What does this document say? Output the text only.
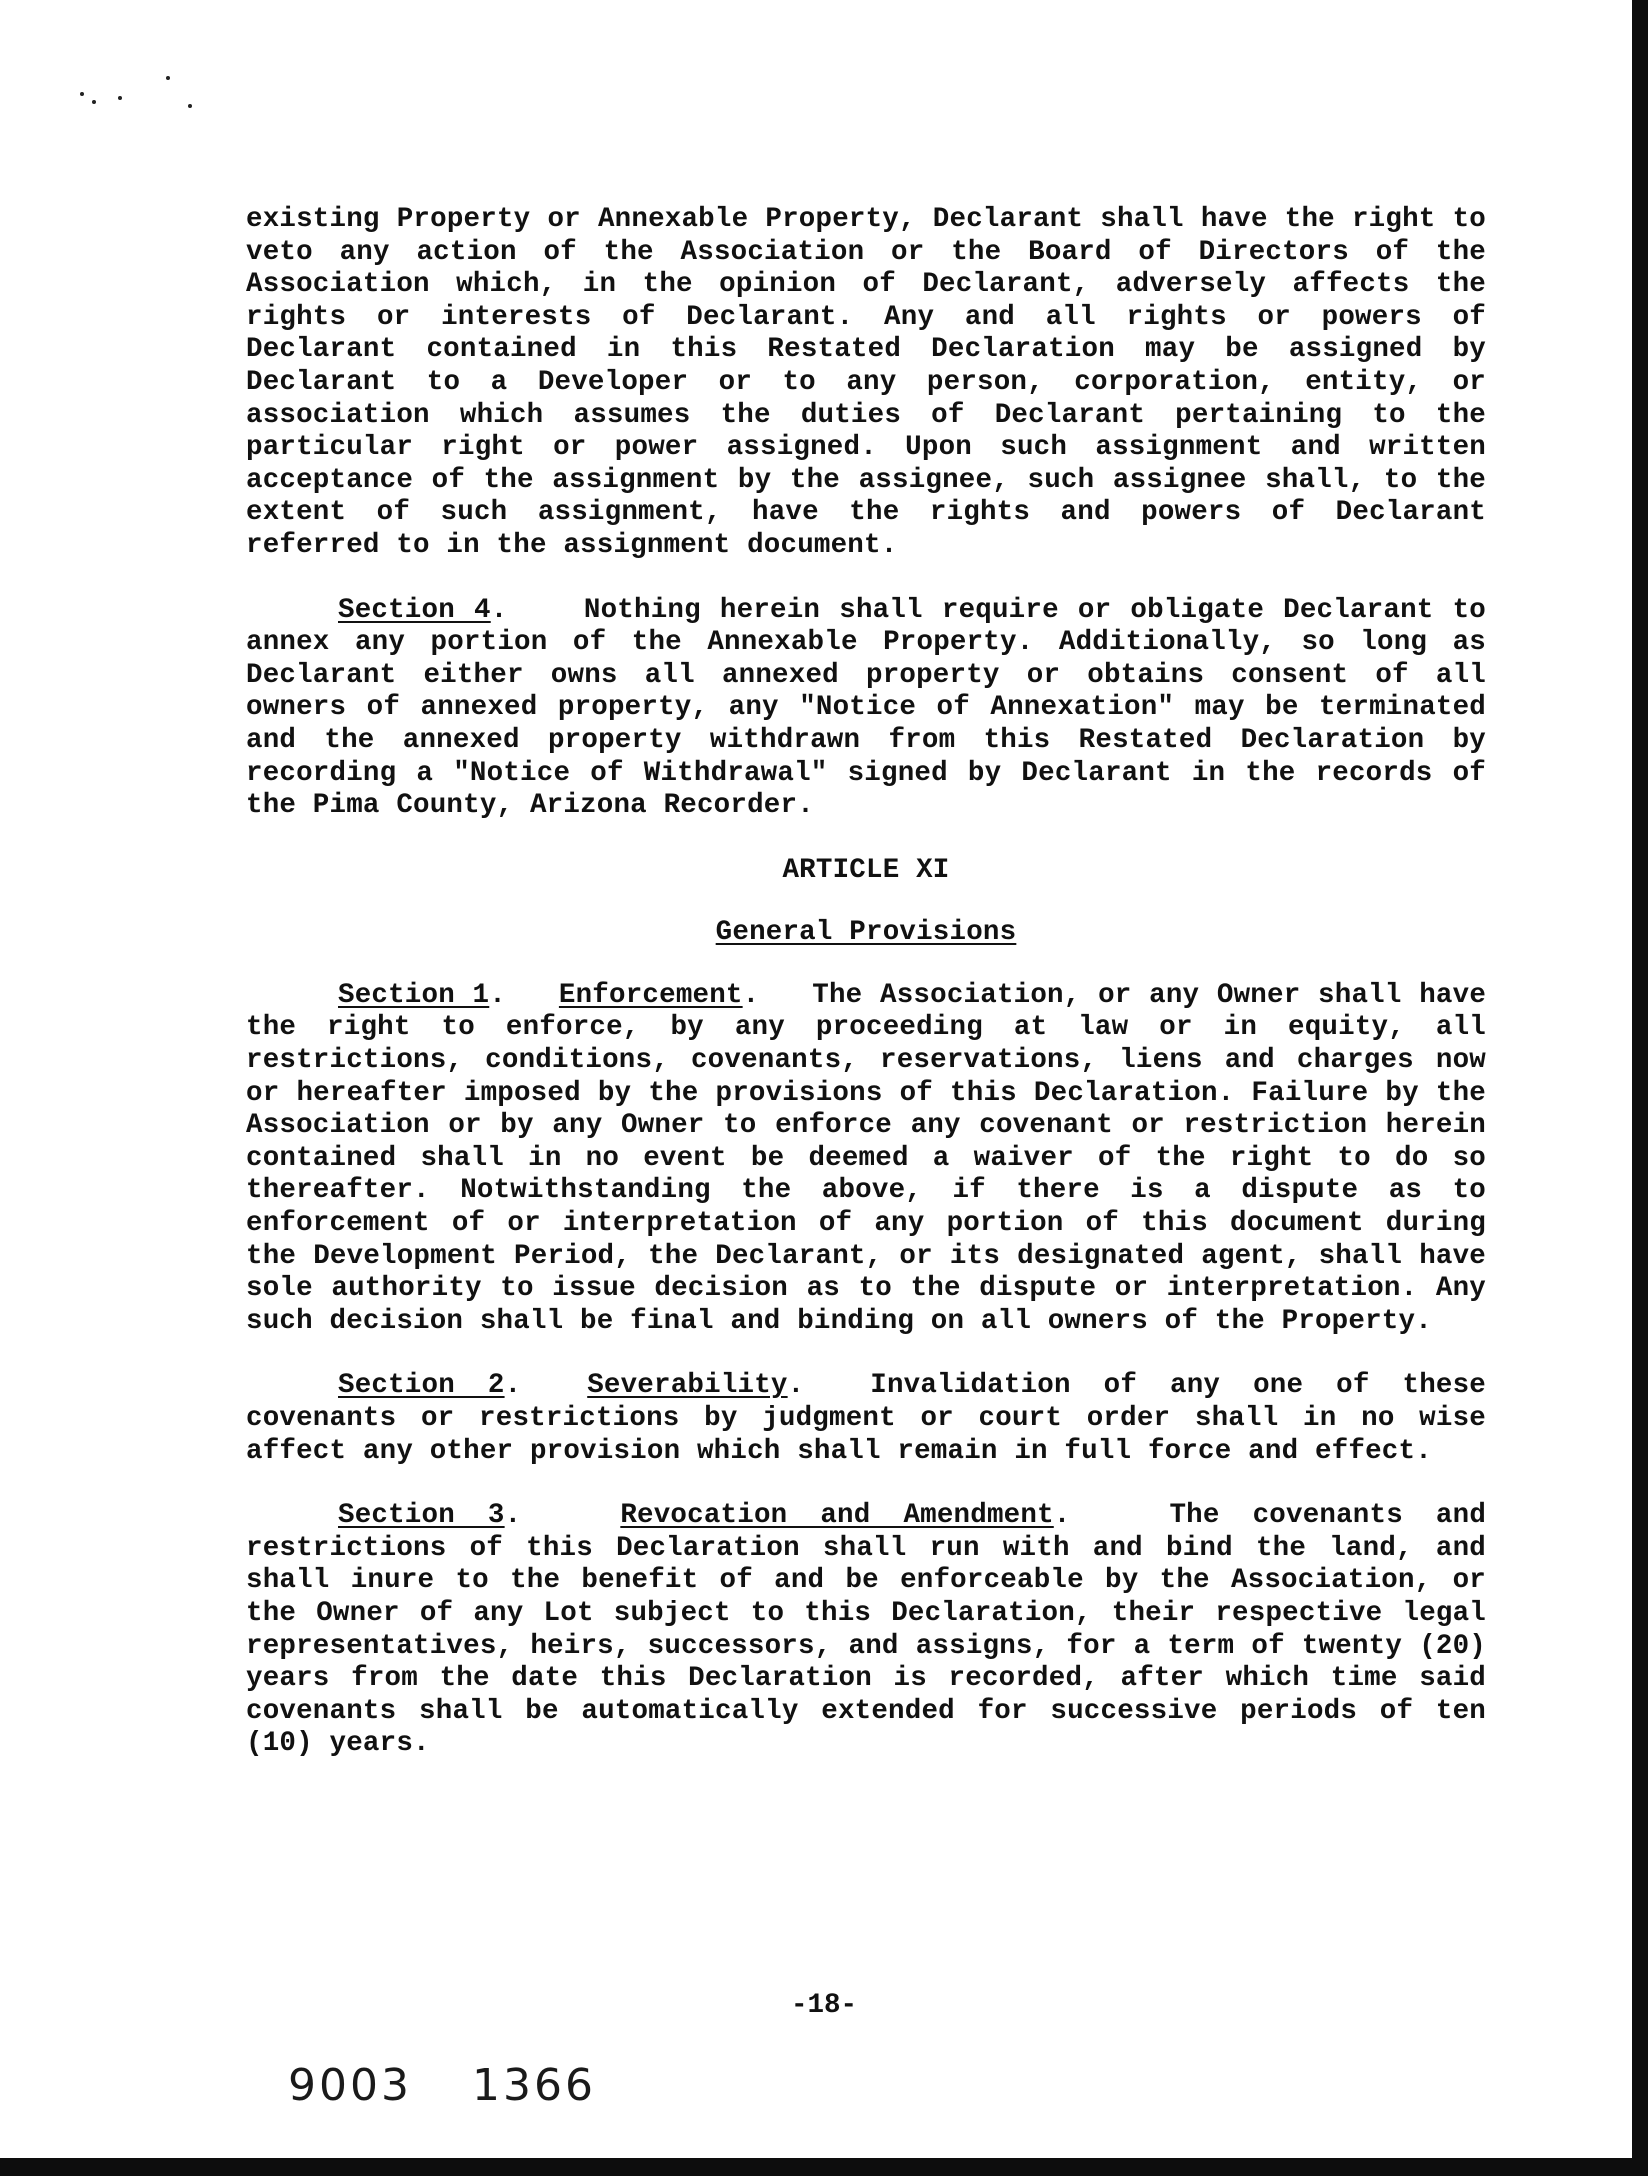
existing Property or Annexable Property, Declarant shall have the right to veto any action of the Association or the Board of Directors of the Association which, in the opinion of Declarant, adversely affects the rights or interests of Declarant. Any and all rights or powers of Declarant contained in this Restated Declaration may be assigned by Declarant to a Developer or to any person, corporation, entity, or association which assumes the duties of Declarant pertaining to the particular right or power assigned. Upon such assignment and written acceptance of the assignment by the assignee, such assignee shall, to the extent of such assignment, have the rights and powers of Declarant referred to in the assignment document.

Section 4.    Nothing herein shall require or obligate Declarant to annex any portion of the Annexable Property. Additionally, so long as Declarant either owns all annexed property or obtains consent of all owners of annexed property, any "Notice of Annexation" may be terminated and the annexed property withdrawn from this Restated Declaration by recording a "Notice of Withdrawal" signed by Declarant in the records of the Pima County, Arizona Recorder.

ARTICLE XI
General Provisions

Section 1.   Enforcement.   The Association, or any Owner shall have the right to enforce, by any proceeding at law or in equity, all restrictions, conditions, covenants, reservations, liens and charges now or hereafter imposed by the provisions of this Declaration. Failure by the Association or by any Owner to enforce any covenant or restriction herein contained shall in no event be deemed a waiver of the right to do so thereafter. Notwithstanding the above, if there is a dispute as to enforcement of or interpretation of any portion of this document during the Development Period, the Declarant, or its designated agent, shall have sole authority to issue decision as to the dispute or interpretation. Any such decision shall be final and binding on all owners of the Property.

Section 2.  Severability.  Invalidation of any one of these covenants or restrictions by judgment or court order shall in no wise affect any other provision which shall remain in full force and effect.

Section 3.   Revocation and Amendment.   The covenants and restrictions of this Declaration shall run with and bind the land, and shall inure to the benefit of and be enforceable by the Association, or the Owner of any Lot subject to this Declaration, their respective legal representatives, heirs, successors, and assigns, for a term of twenty (20) years from the date this Declaration is recorded, after which time said covenants shall be automatically extended for successive periods of ten (10) years.

-18-
9003 1366
